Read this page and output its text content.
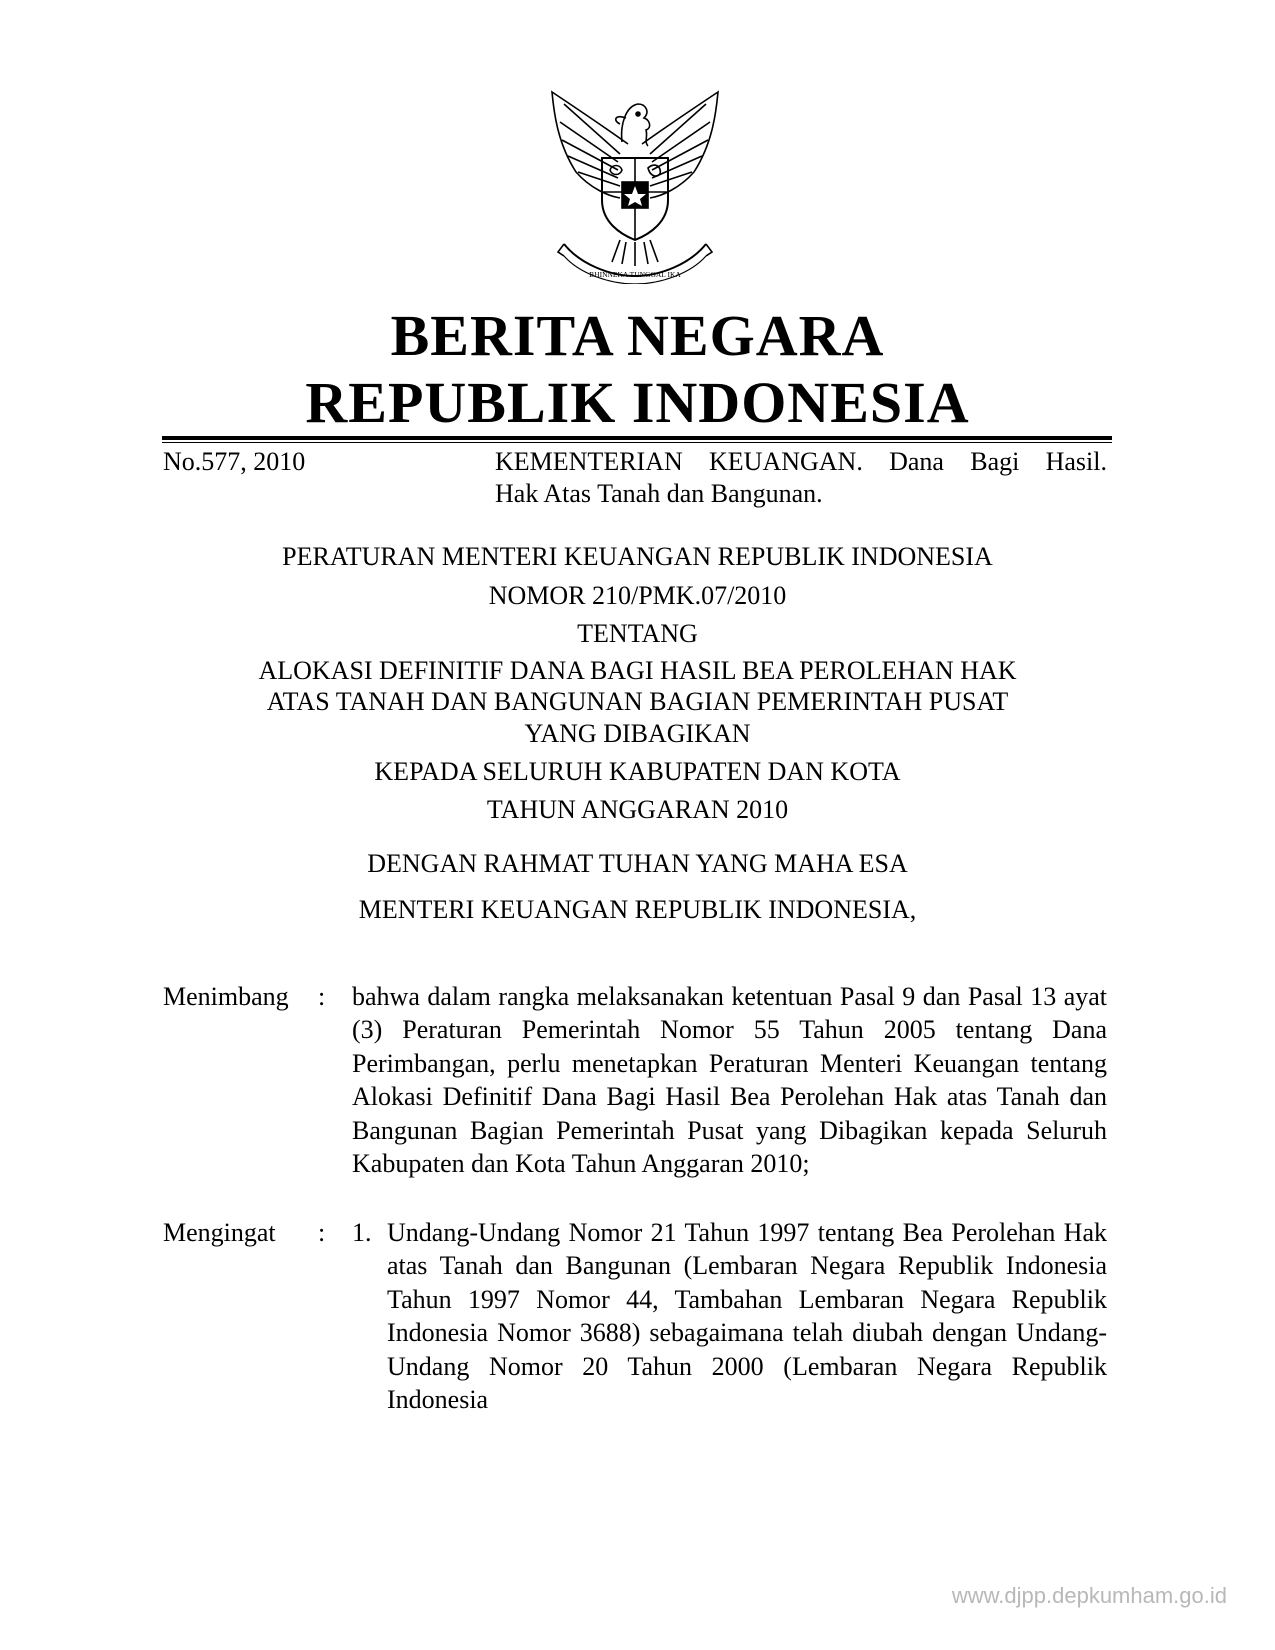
BHINNEKA TUNGGAL IKA
BERITA NEGARA
REPUBLIK INDONESIA
No.577, 2010	KEMENTERIAN KEUANGAN. Dana Bagi Hasil.
Hak Atas Tanah dan Bangunan.
PERATURAN MENTERI KEUANGAN REPUBLIK INDONESIA
NOMOR 210/PMK.07/2010
TENTANG
ALOKASI DEFINITIF DANA BAGI HASIL BEA PEROLEHAN HAK
ATAS TANAH DAN BANGUNAN BAGIAN PEMERINTAH PUSAT
YANG DIBAGIKAN
KEPADA SELURUH KABUPATEN DAN KOTA
TAHUN ANGGARAN 2010
DENGAN RAHMAT TUHAN YANG MAHA ESA
MENTERI KEUANGAN REPUBLIK INDONESIA,
Menimbang : bahwa dalam rangka melaksanakan ketentuan Pasal 9 dan Pasal 13 ayat (3) Peraturan Pemerintah Nomor 55 Tahun 2005 tentang Dana Perimbangan, perlu menetapkan Peraturan Menteri Keuangan tentang Alokasi Definitif Dana Bagi Hasil Bea Perolehan Hak atas Tanah dan Bangunan Bagian Pemerintah Pusat yang Dibagikan kepada Seluruh Kabupaten dan Kota Tahun Anggaran 2010;
Mengingat : 1. Undang-Undang Nomor 21 Tahun 1997 tentang Bea Perolehan Hak atas Tanah dan Bangunan (Lembaran Negara Republik Indonesia Tahun 1997 Nomor 44, Tambahan Lembaran Negara Republik Indonesia Nomor 3688) sebagaimana telah diubah dengan Undang-Undang Nomor 20 Tahun 2000 (Lembaran Negara Republik Indonesia
www.djpp.depkumham.go.id
